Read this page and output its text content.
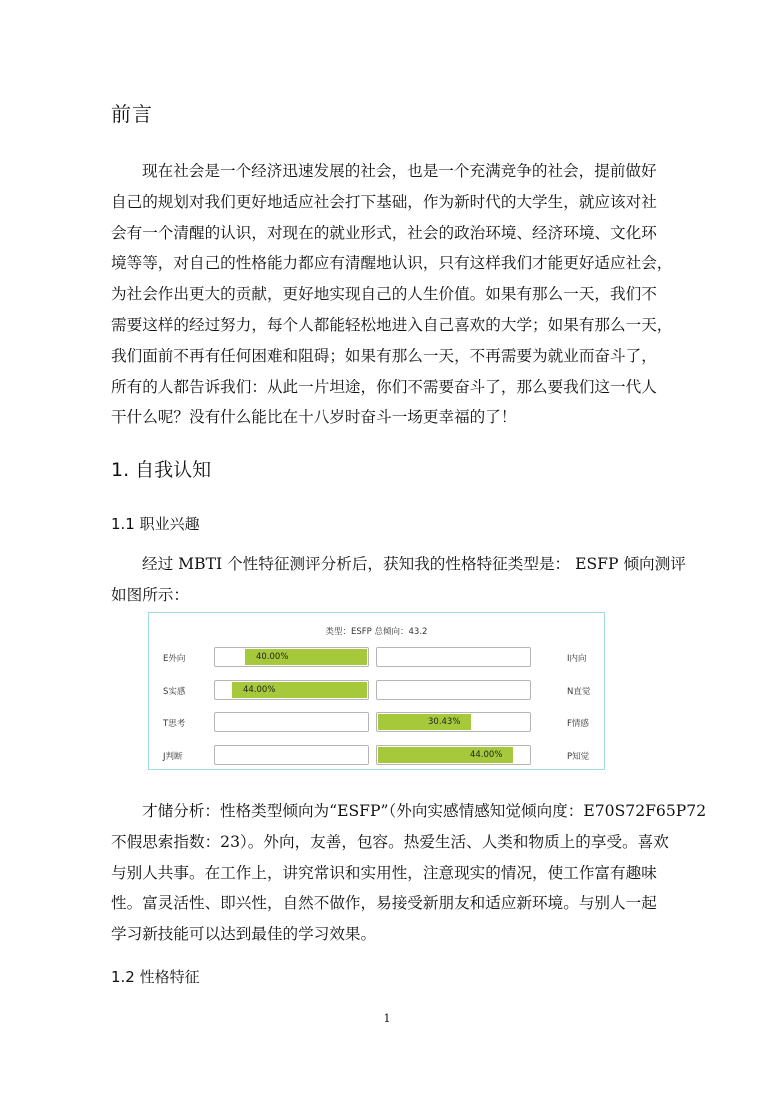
前言
现在社会是一个经济迅速发展的社会，也是一个充满竞争的社会，提前做好
自己的规划对我们更好地适应社会打下基础，作为新时代的大学生，就应该对社
会有一个清醒的认识，对现在的就业形式，社会的政治环境、经济环境、文化环
境等等，对自己的性格能力都应有清醒地认识，只有这样我们才能更好适应社会，
为社会作出更大的贡献，更好地实现自己的人生价值。如果有那么一天，我们不
需要这样的经过努力，每个人都能轻松地进入自己喜欢的大学；如果有那么一天，
我们面前不再有任何困难和阻碍；如果有那么一天，不再需要为就业而奋斗了，
所有的人都告诉我们：从此一片坦途，你们不需要奋斗了，那么要我们这一代人
干什么呢？没有什么能比在十八岁时奋斗一场更幸福的了！
1. 自我认知
1.1 职业兴趣
经过 MBTI 个性特征测评分析后，获知我的性格特征类型是： ESFP 倾向测评
如图所示：
类型：ESFP 总倾向：43.2
E外向	40.00%	I内向
S实感	44.00%	N直觉
T思考	30.43%	F情感
J判断	44.00%	P知觉
才储分析：性格类型倾向为“ESFP”（外向实感情感知觉倾向度：E70S72F65P72
不假思索指数：23）。外向，友善，包容。热爱生活、人类和物质上的享受。喜欢
与别人共事。在工作上，讲究常识和实用性，注意现实的情况，使工作富有趣味
性。富灵活性、即兴性，自然不做作，易接受新朋友和适应新环境。与别人一起
学习新技能可以达到最佳的学习效果。
1.2 性格特征
1
